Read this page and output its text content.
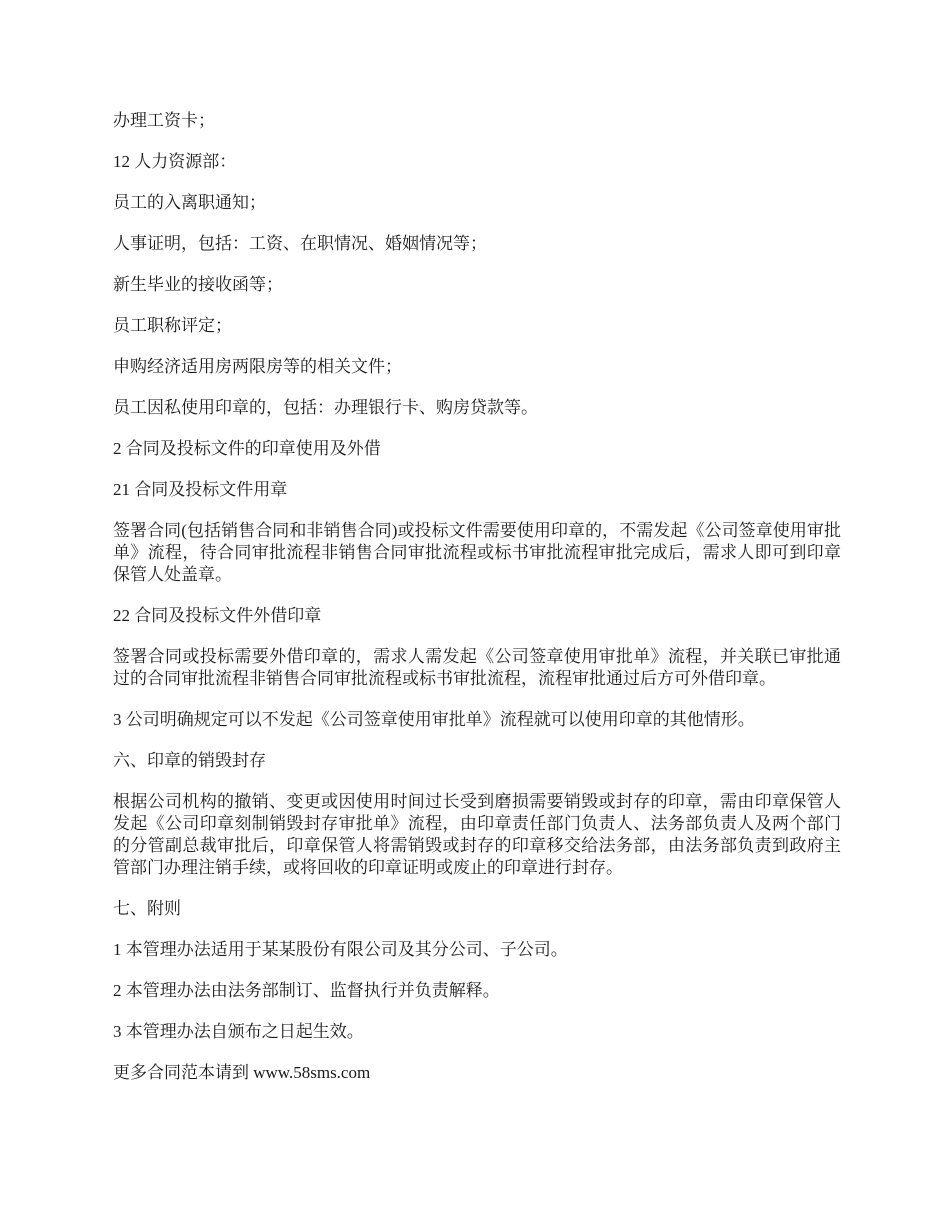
办理工资卡；

12 人力资源部：

员工的入离职通知；

人事证明，包括：工资、在职情况、婚姻情况等；

新生毕业的接收函等；

员工职称评定；

申购经济适用房两限房等的相关文件；

员工因私使用印章的，包括：办理银行卡、购房贷款等。

2 合同及投标文件的印章使用及外借

21 合同及投标文件用章

签署合同(包括销售合同和非销售合同)或投标文件需要使用印章的，不需发起《公司签章使用审批单》流程，待合同审批流程非销售合同审批流程或标书审批流程审批完成后，需求人即可到印章保管人处盖章。

22 合同及投标文件外借印章

签署合同或投标需要外借印章的，需求人需发起《公司签章使用审批单》流程，并关联已审批通过的合同审批流程非销售合同审批流程或标书审批流程，流程审批通过后方可外借印章。

3 公司明确规定可以不发起《公司签章使用审批单》流程就可以使用印章的其他情形。

六、印章的销毁封存

根据公司机构的撤销、变更或因使用时间过长受到磨损需要销毁或封存的印章，需由印章保管人发起《公司印章刻制销毁封存审批单》流程，由印章责任部门负责人、法务部负责人及两个部门的分管副总裁审批后，印章保管人将需销毁或封存的印章移交给法务部，由法务部负责到政府主管部门办理注销手续，或将回收的印章证明或废止的印章进行封存。

七、附则

1 本管理办法适用于某某股份有限公司及其分公司、子公司。

2 本管理办法由法务部制订、监督执行并负责解释。

3 本管理办法自颁布之日起生效。

更多合同范本请到 www.58sms.com
